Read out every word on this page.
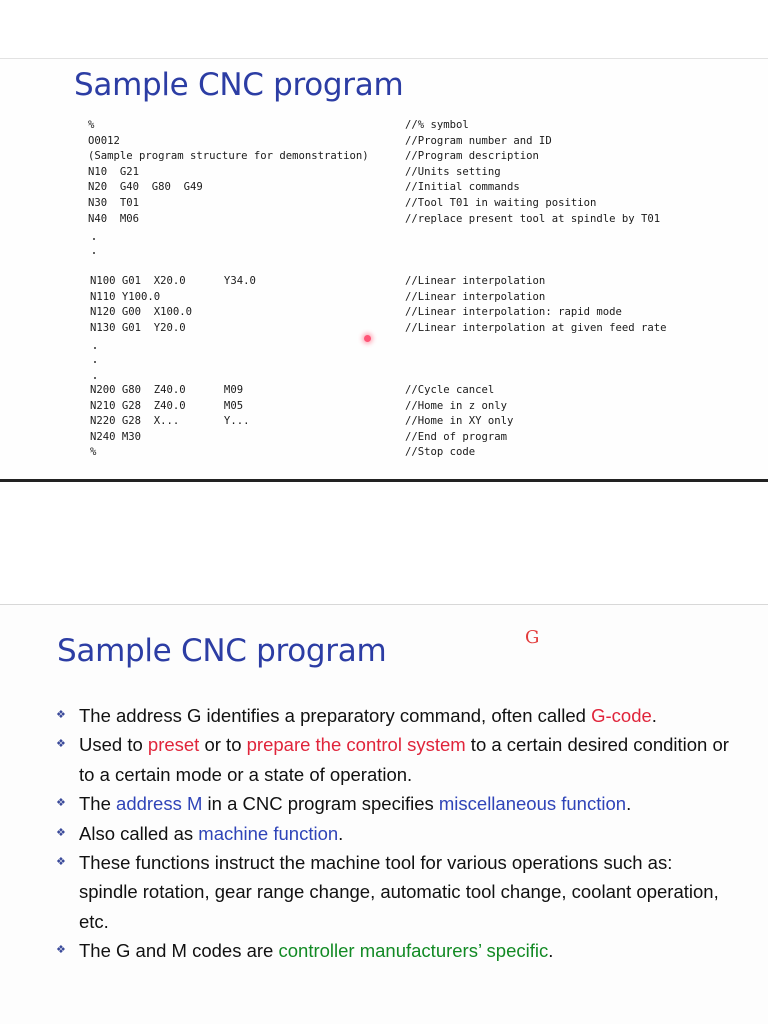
Sample CNC program
%	//% symbol
O0012	//Program number and ID
(Sample program structure for demonstration)	//Program description
N10  G21	//Units setting
N20  G40  G80  G49	//Initial commands
N30  T01	//Tool T01 in waiting position
N40  M06	//replace present tool at spindle by T01
N100 G01  X20.0      Y34.0	//Linear interpolation
N110 Y100.0	//Linear interpolation
N120 G00  X100.0	//Linear interpolation: rapid mode
N130 G01  Y20.0	//Linear interpolation at given feed rate
N200 G80  Z40.0      M09	//Cycle cancel
N210 G28  Z40.0      M05	//Home in z only
N220 G28  X...       Y...	//Home in XY only
N240 M30	//End of program
%	//Stop code
Sample CNC program	G
❖ The address G identifies a preparatory command, often called G-code.
❖ Used to preset or to prepare the control system to a certain desired condition or to a certain mode or a state of operation.
❖ The address M in a CNC program specifies miscellaneous function.
❖ Also called as machine function.
❖ These functions instruct the machine tool for various operations such as: spindle rotation, gear range change, automatic tool change, coolant operation, etc.
❖ The G and M codes are controller manufacturers’ specific.
